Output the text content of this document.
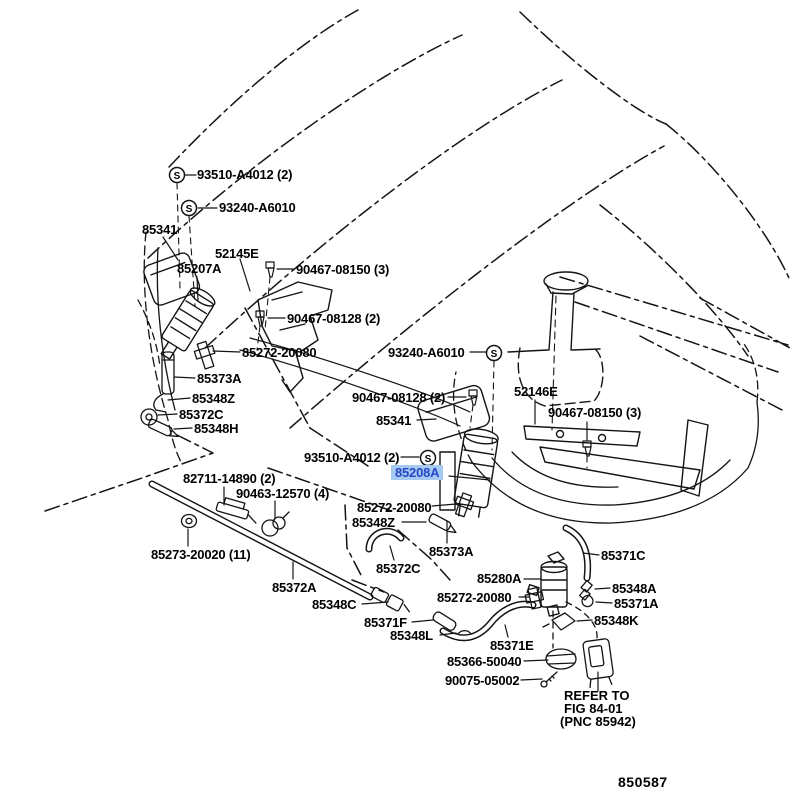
S
S
S
S
93510-A4012 (2)
93240-A6010
85341
52145E
85207A	90467-08150 (3)
90467-08128 (2)
85272-20080
85373A
85348Z
85372C
85348H
93240-A6010
52146E
90467-08128 (2)
90467-08150 (3)
85341
93510-A4012 (2)
85208A
82711-14890 (2)
90463-12570 (4)
85272-20080
85348Z
85373A
85273-20020 (11)	85371C
85372C
85280A
85372A	85348A
85272-20080	85371A
85348C
85348K
85371F
85348L
85371E
85366-50040
90075-05002
REFER TO
FIG 84-01
(PNC 85942)
850587
